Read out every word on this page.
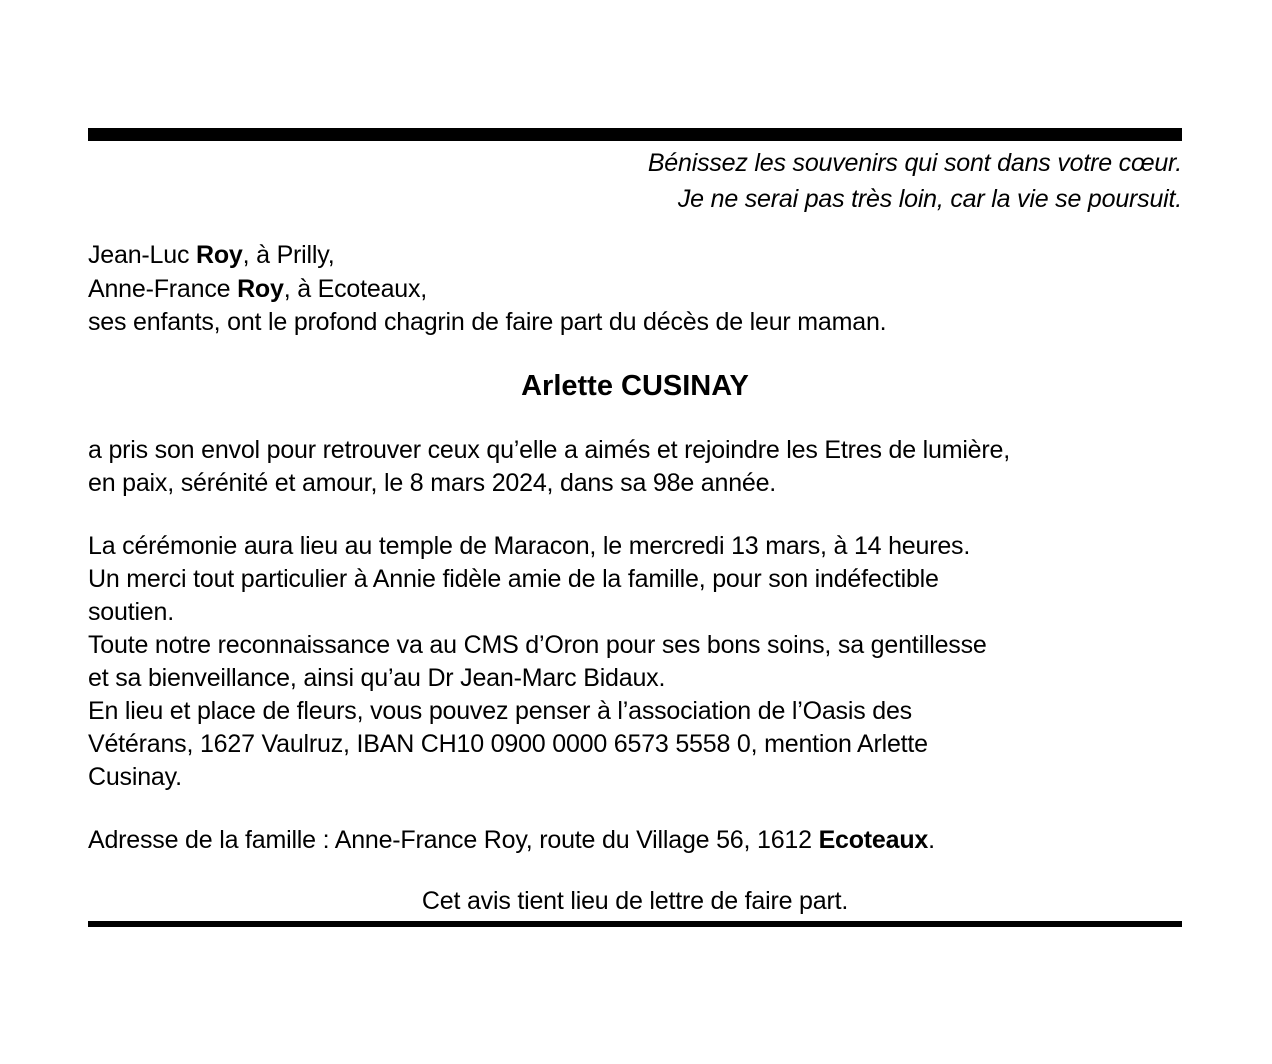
Bénissez les souvenirs qui sont dans votre cœur.
Je ne serai pas très loin, car la vie se poursuit.
Jean-Luc Roy, à Prilly,
Anne-France Roy, à Ecoteaux,
ses enfants, ont le profond chagrin de faire part du décès de leur maman.
Arlette CUSINAY
a pris son envol pour retrouver ceux qu’elle a aimés et rejoindre les Etres de lumière,
en paix, sérénité et amour, le 8 mars 2024, dans sa 98e année.
La cérémonie aura lieu au temple de Maracon, le mercredi 13 mars, à 14 heures.
Un merci tout particulier à Annie fidèle amie de la famille, pour son indéfectible
soutien.
Toute notre reconnaissance va au CMS d’Oron pour ses bons soins, sa gentillesse
et sa bienveillance, ainsi qu’au Dr Jean-Marc Bidaux.
En lieu et place de fleurs, vous pouvez penser à l’association de l’Oasis des
Vétérans, 1627 Vaulruz, IBAN CH10 0900 0000 6573 5558 0, mention Arlette
Cusinay.
Adresse de la famille : Anne-France Roy, route du Village 56, 1612 Ecoteaux.
Cet avis tient lieu de lettre de faire part.
